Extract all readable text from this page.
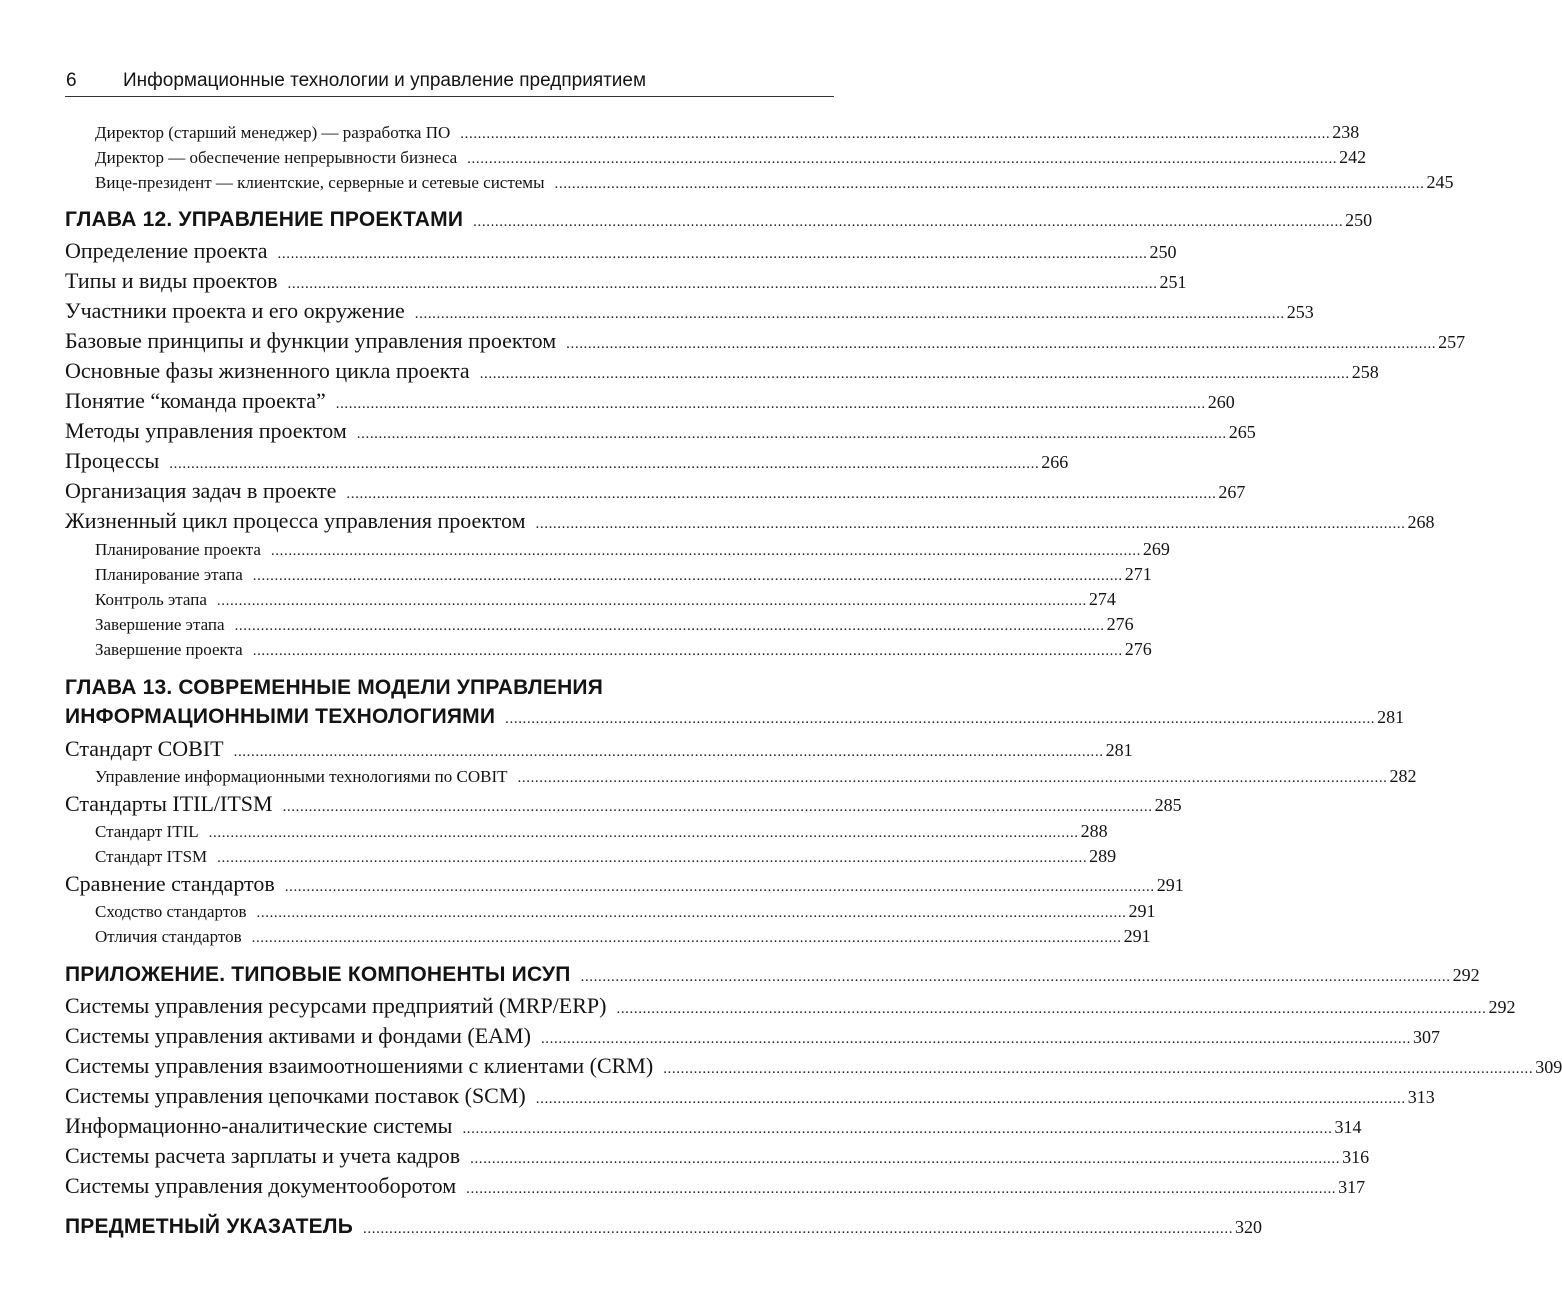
6 Информационные технологии и управление предприятием
Директор (старший менеджер) — разработка ПО ........................................................................................................................................................................................................ 238
Директор — обеспечение непрерывности бизнеса ........................................................................................................................................................................................................ 242
Вице-президент — клиентские, серверные и сетевые системы ........................................................................................................................................................................................................ 245
ГЛАВА 12. УПРАВЛЕНИЕ ПРОЕКТАМИ ........................................................................................................................................................................................................ 250
Определение проекта ........................................................................................................................................................................................................ 250
Типы и виды проектов ........................................................................................................................................................................................................ 251
Участники проекта и его окружение ........................................................................................................................................................................................................ 253
Базовые принципы и функции управления проектом ........................................................................................................................................................................................................ 257
Основные фазы жизненного цикла проекта ........................................................................................................................................................................................................ 258
Понятие “команда проекта” ........................................................................................................................................................................................................ 260
Методы управления проектом ........................................................................................................................................................................................................ 265
Процессы ........................................................................................................................................................................................................ 266
Организация задач в проекте ........................................................................................................................................................................................................ 267
Жизненный цикл процесса управления проектом ........................................................................................................................................................................................................ 268
Планирование проекта ........................................................................................................................................................................................................ 269
Планирование этапа ........................................................................................................................................................................................................ 271
Контроль этапа ........................................................................................................................................................................................................ 274
Завершение этапа ........................................................................................................................................................................................................ 276
Завершение проекта ........................................................................................................................................................................................................ 276
ГЛАВА 13. СОВРЕМЕННЫЕ МОДЕЛИ УПРАВЛЕНИЯ
ИНФОРМАЦИОННЫМИ ТЕХНОЛОГИЯМИ ........................................................................................................................................................................................................ 281
Стандарт COBIT ........................................................................................................................................................................................................ 281
Управление информационными технологиями по COBIT ........................................................................................................................................................................................................ 282
Стандарты ITIL/ITSM ........................................................................................................................................................................................................ 285
Стандарт ITIL ........................................................................................................................................................................................................ 288
Стандарт ITSM ........................................................................................................................................................................................................ 289
Сравнение стандартов ........................................................................................................................................................................................................ 291
Сходство стандартов ........................................................................................................................................................................................................ 291
Отличия стандартов ........................................................................................................................................................................................................ 291
ПРИЛОЖЕНИЕ. ТИПОВЫЕ КОМПОНЕНТЫ ИСУП ........................................................................................................................................................................................................ 292
Системы управления ресурсами предприятий (MRP/ERP) ........................................................................................................................................................................................................ 292
Системы управления активами и фондами (EAM) ........................................................................................................................................................................................................ 307
Системы управления взаимоотношениями с клиентами (CRM) ........................................................................................................................................................................................................ 309
Системы управления цепочками поставок (SCM) ........................................................................................................................................................................................................ 313
Информационно-аналитические системы ........................................................................................................................................................................................................ 314
Системы расчета зарплаты и учета кадров ........................................................................................................................................................................................................ 316
Системы управления документооборотом ........................................................................................................................................................................................................ 317
ПРЕДМЕТНЫЙ УКАЗАТЕЛЬ ........................................................................................................................................................................................................ 320
